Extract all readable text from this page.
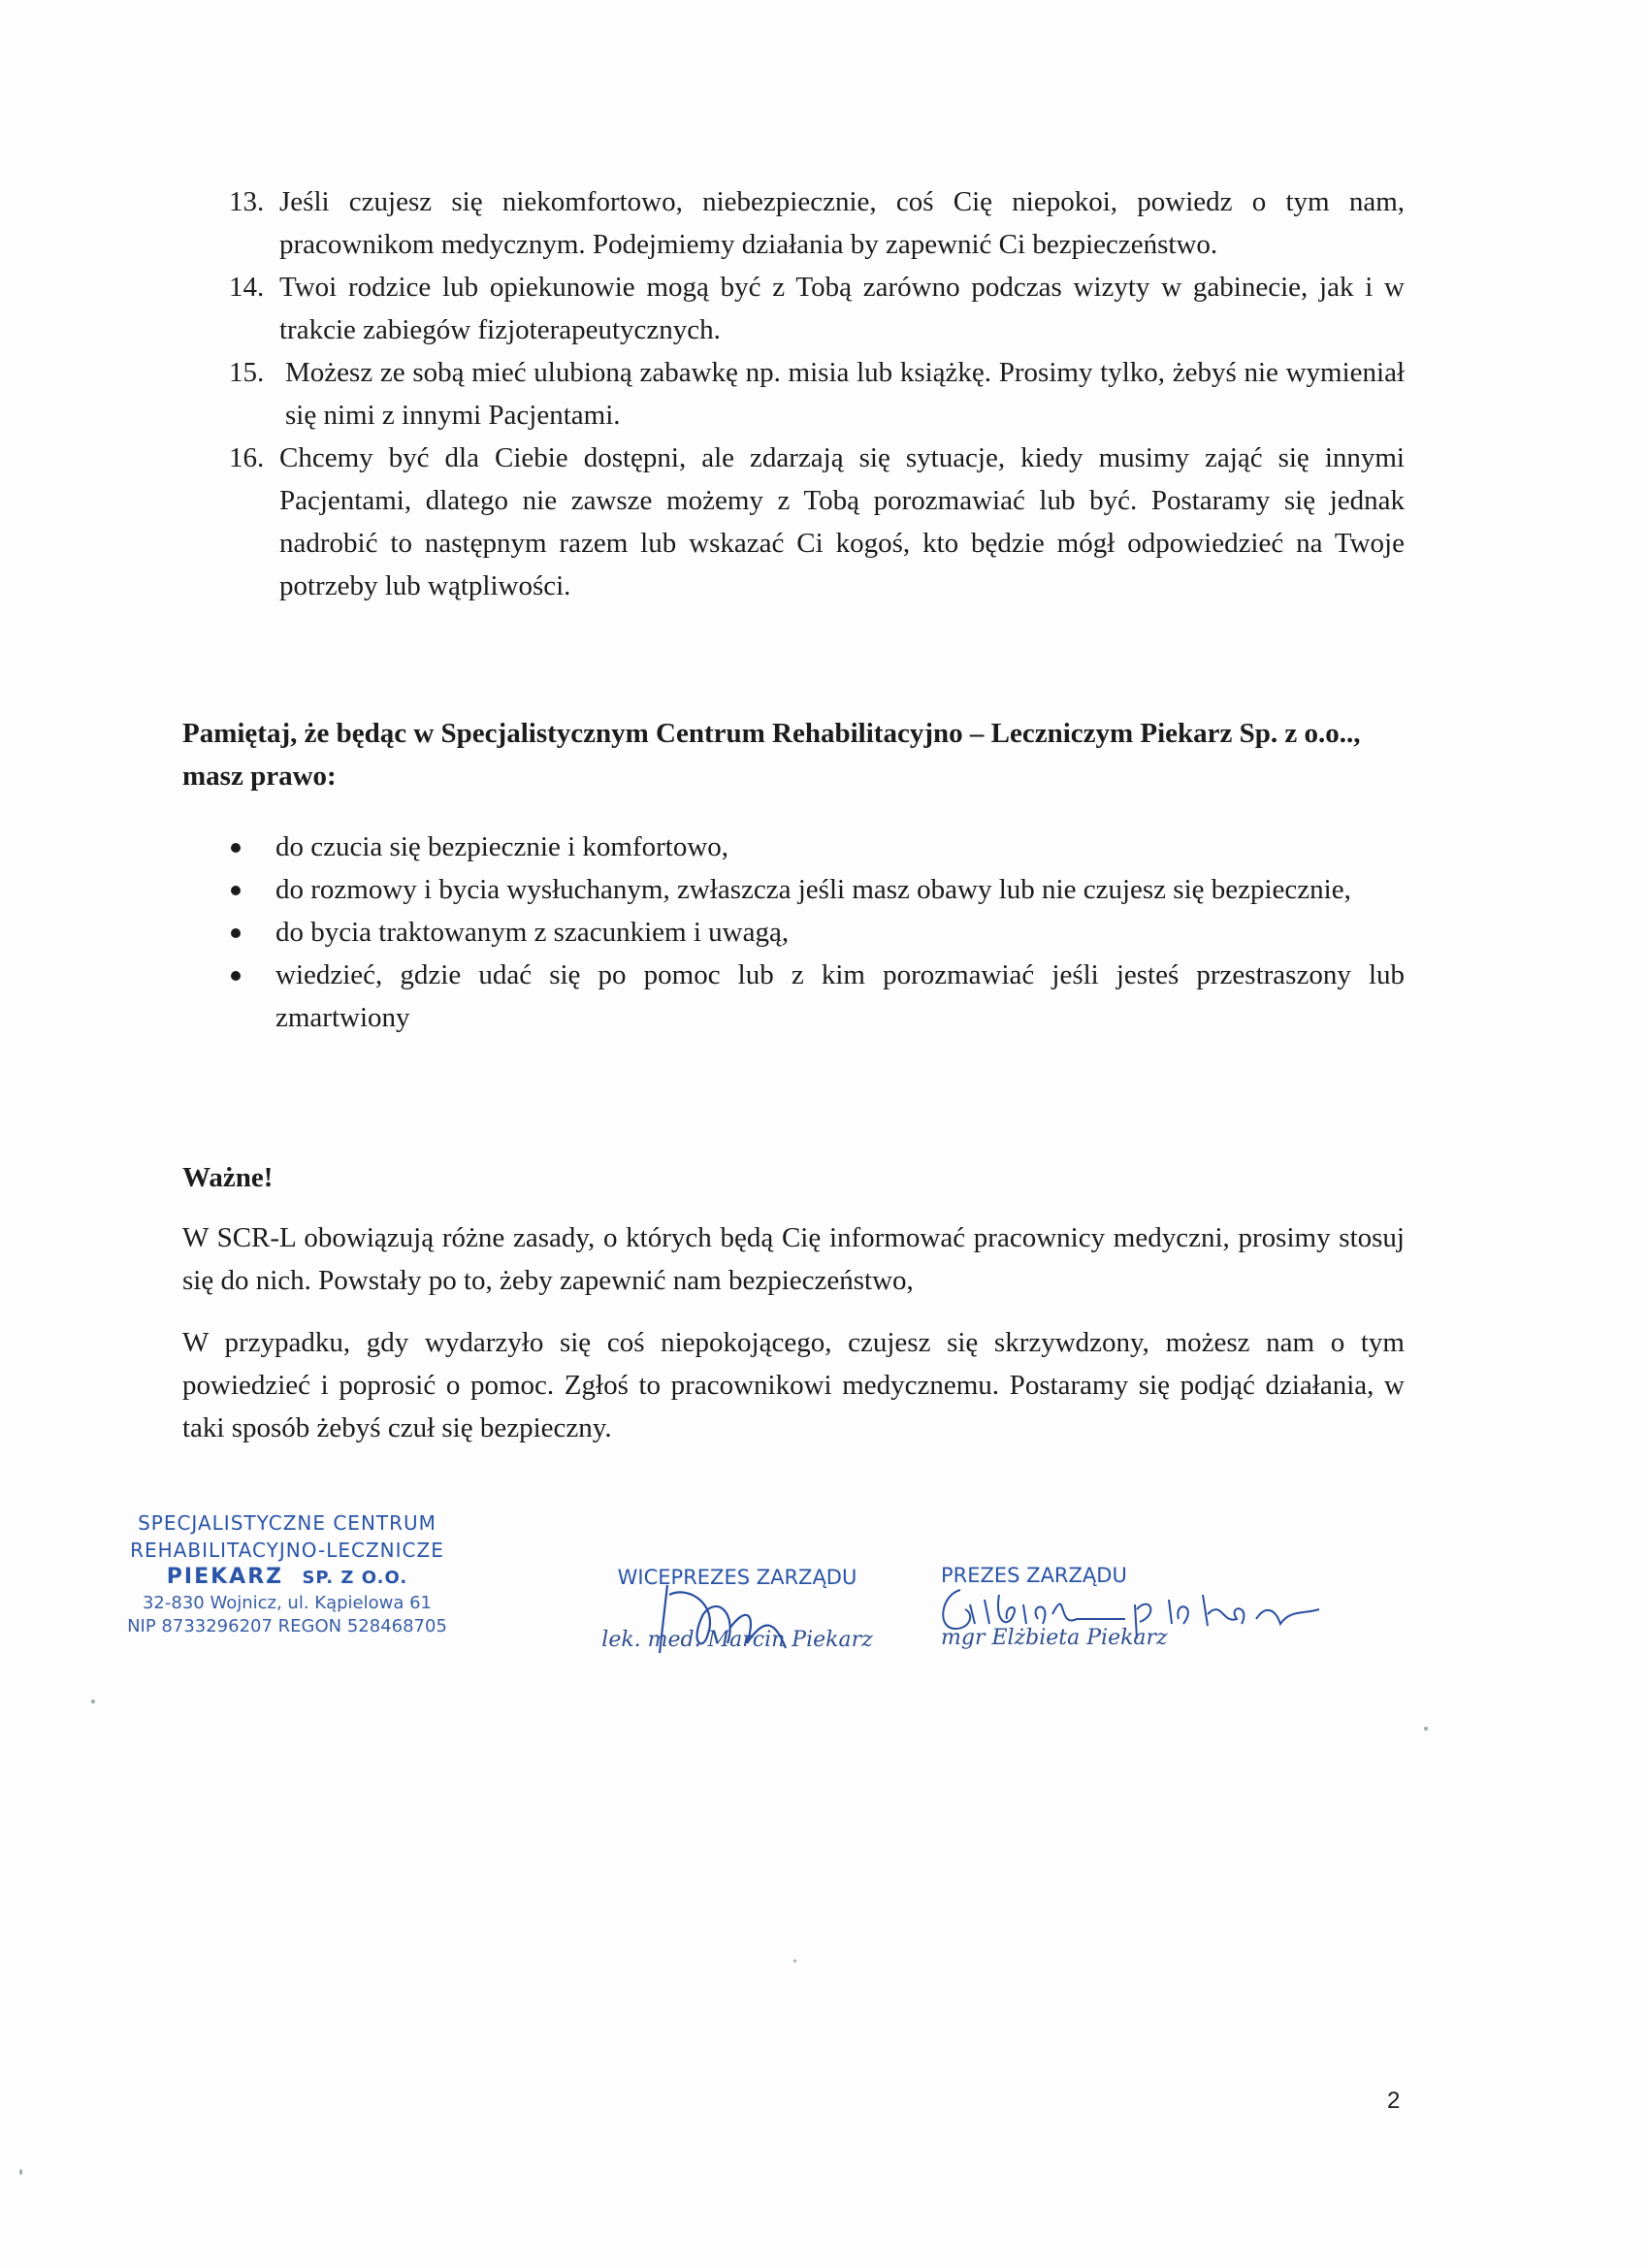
13. Jeśli czujesz się niekomfortowo, niebezpiecznie, coś Cię niepokoi, powiedz o tym nam, pracownikom medycznym. Podejmiemy działania by zapewnić Ci bezpieczeństwo.
14. Twoi rodzice lub opiekunowie mogą być z Tobą zarówno podczas wizyty w gabinecie, jak i w trakcie zabiegów fizjoterapeutycznych.
15. Możesz ze sobą mieć ulubioną zabawkę np. misia lub książkę. Prosimy tylko, żebyś nie wymieniał się nimi z innymi Pacjentami.
16. Chcemy być dla Ciebie dostępni, ale zdarzają się sytuacje, kiedy musimy zająć się innymi Pacjentami, dlatego nie zawsze możemy z Tobą porozmawiać lub być. Postaramy się jednak nadrobić to następnym razem lub wskazać Ci kogoś, kto będzie mógł odpowiedzieć na Twoje potrzeby lub wątpliwości.
Pamiętaj, że będąc w Specjalistycznym Centrum Rehabilitacyjno – Leczniczym Piekarz Sp. z o.o.., masz prawo:
do czucia się bezpiecznie i komfortowo,
do rozmowy i bycia wysłuchanym, zwłaszcza jeśli masz obawy lub nie czujesz się bezpiecznie,
do bycia traktowanym z szacunkiem i uwagą,
wiedzieć, gdzie udać się po pomoc lub z kim porozmawiać jeśli jesteś przestraszony lub zmartwiony
Ważne!
W SCR-L obowiązują różne zasady, o których będą Cię informować pracownicy medyczni, prosimy stosuj się do nich. Powstały po to, żeby zapewnić nam bezpieczeństwo,
W przypadku, gdy wydarzyło się coś niepokojącego, czujesz się skrzywdzony, możesz nam o tym powiedzieć i poprosić o pomoc. Zgłoś to pracownikowi medycznemu. Postaramy się podjąć działania, w taki sposób żebyś czuł się bezpieczny.
SPECJALISTYCZNE CENTRUM
REHABILITACYJNO-LECZNICZE
PIEKARZ SP. Z O.O.
32-830 Wojnicz, ul. Kąpielowa 61
NIP 8733296207 REGON 528468705
WICEPREZES ZARZĄDU
lek. med. Marcin Piekarz
PREZES ZARZĄDU
mgr Elżbieta Piekarz
2
